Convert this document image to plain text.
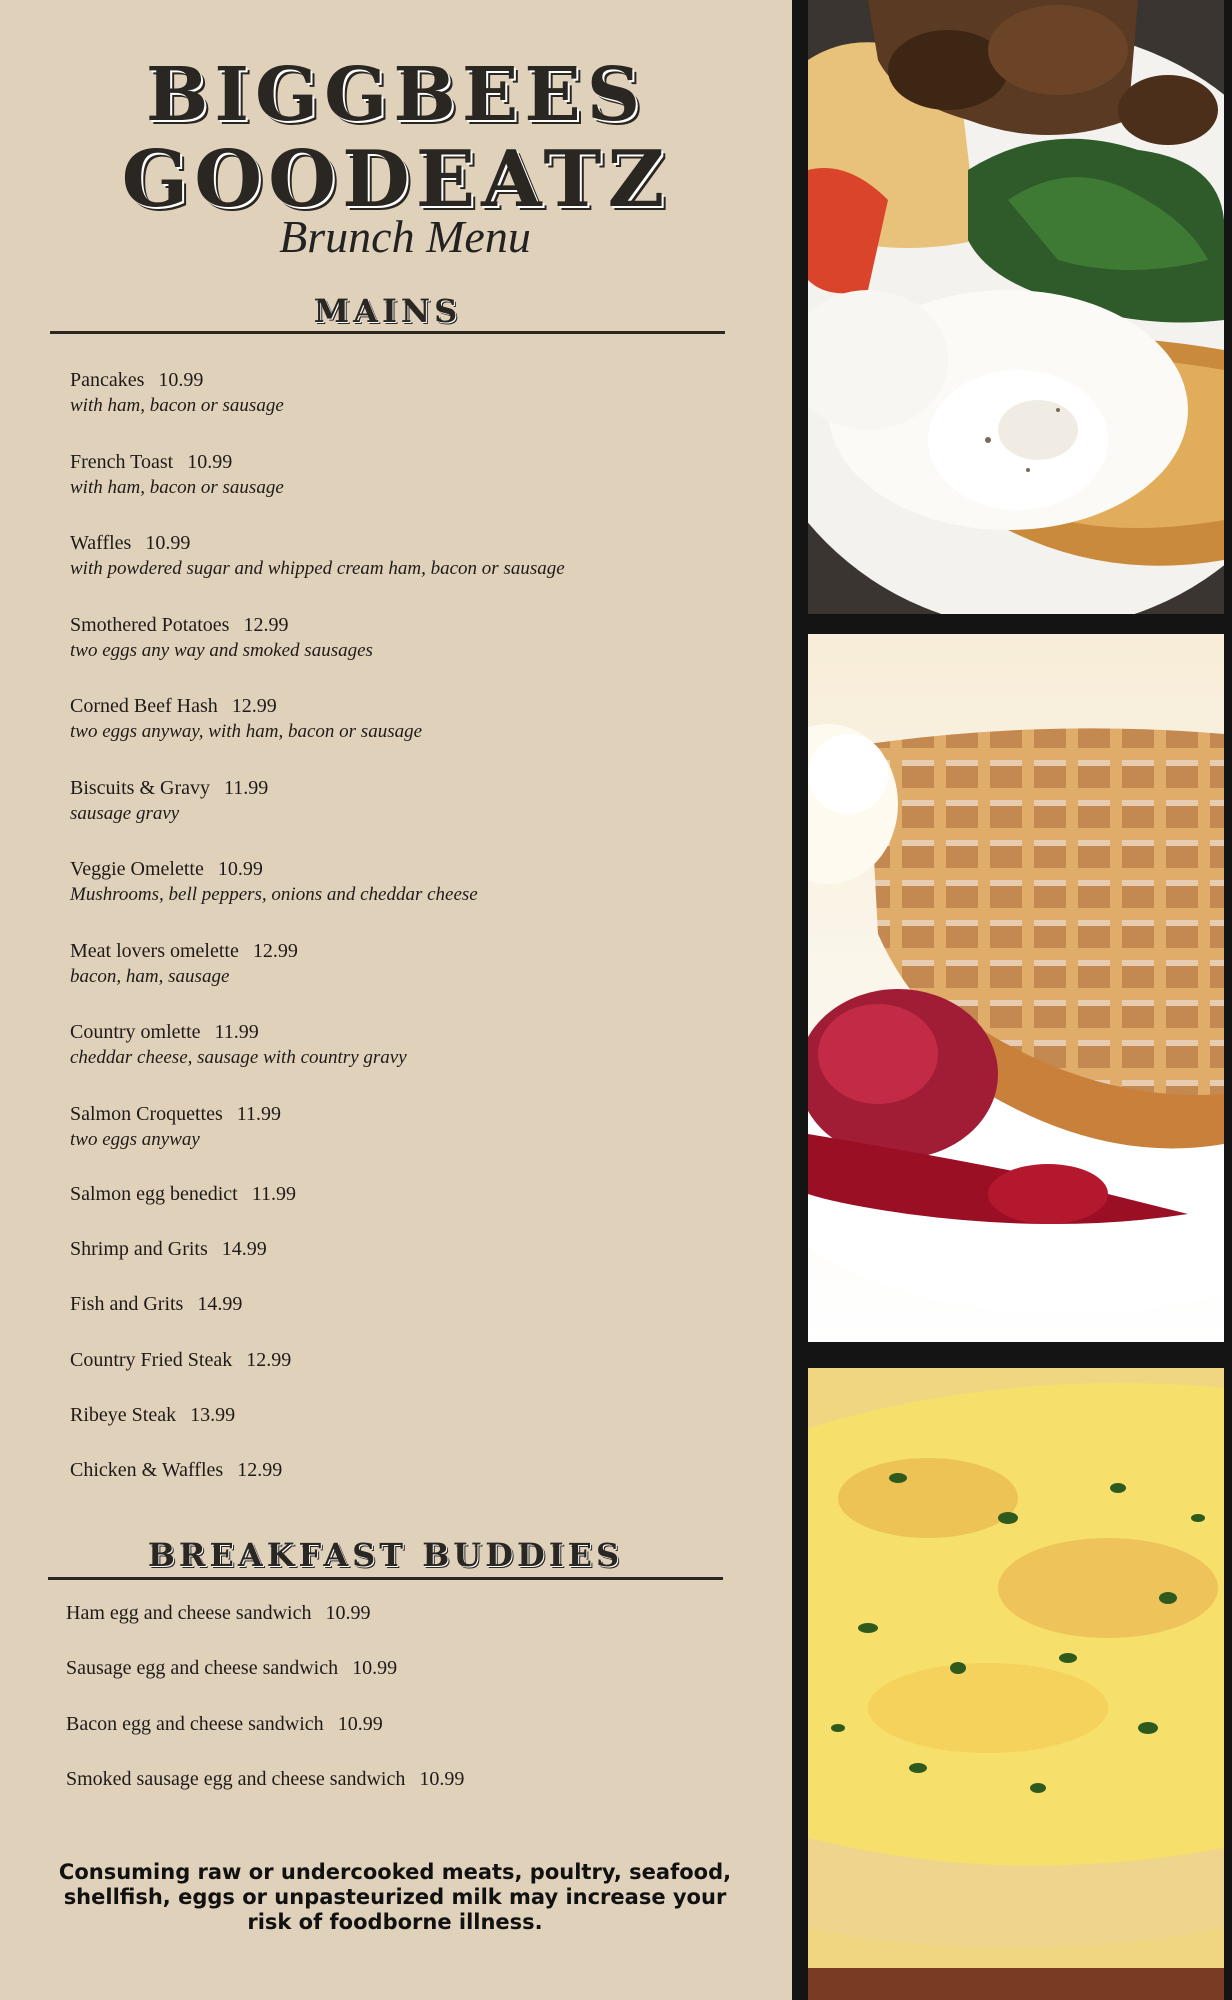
BIGGBEES
GOODEATZ
Brunch Menu
MAINS
Pancakes 10.99
with ham, bacon or sausage
French Toast 10.99
with ham, bacon or sausage
Waffles 10.99
with powdered sugar and whipped cream ham, bacon or sausage
Smothered Potatoes 12.99
two eggs any way and smoked sausages
Corned Beef Hash 12.99
two eggs anyway, with ham, bacon or sausage
Biscuits & Gravy 11.99
sausage gravy
Veggie Omelette 10.99
Mushrooms, bell peppers, onions and cheddar cheese
Meat lovers omelette 12.99
bacon, ham, sausage
Country omlette 11.99
cheddar cheese, sausage with country gravy
Salmon Croquettes 11.99
two eggs anyway
Salmon egg benedict 11.99
Shrimp and Grits 14.99
Fish and Grits 14.99
Country Fried Steak 12.99
Ribeye Steak 13.99
Chicken & Waffles 12.99
BREAKFAST BUDDIES
Ham egg and cheese sandwich 10.99
Sausage egg and cheese sandwich 10.99
Bacon egg and cheese sandwich 10.99
Smoked sausage egg and cheese sandwich 10.99
Consuming raw or undercooked meats, poultry, seafood, shellfish, eggs or unpasteurized milk may increase your risk of foodborne illness.
